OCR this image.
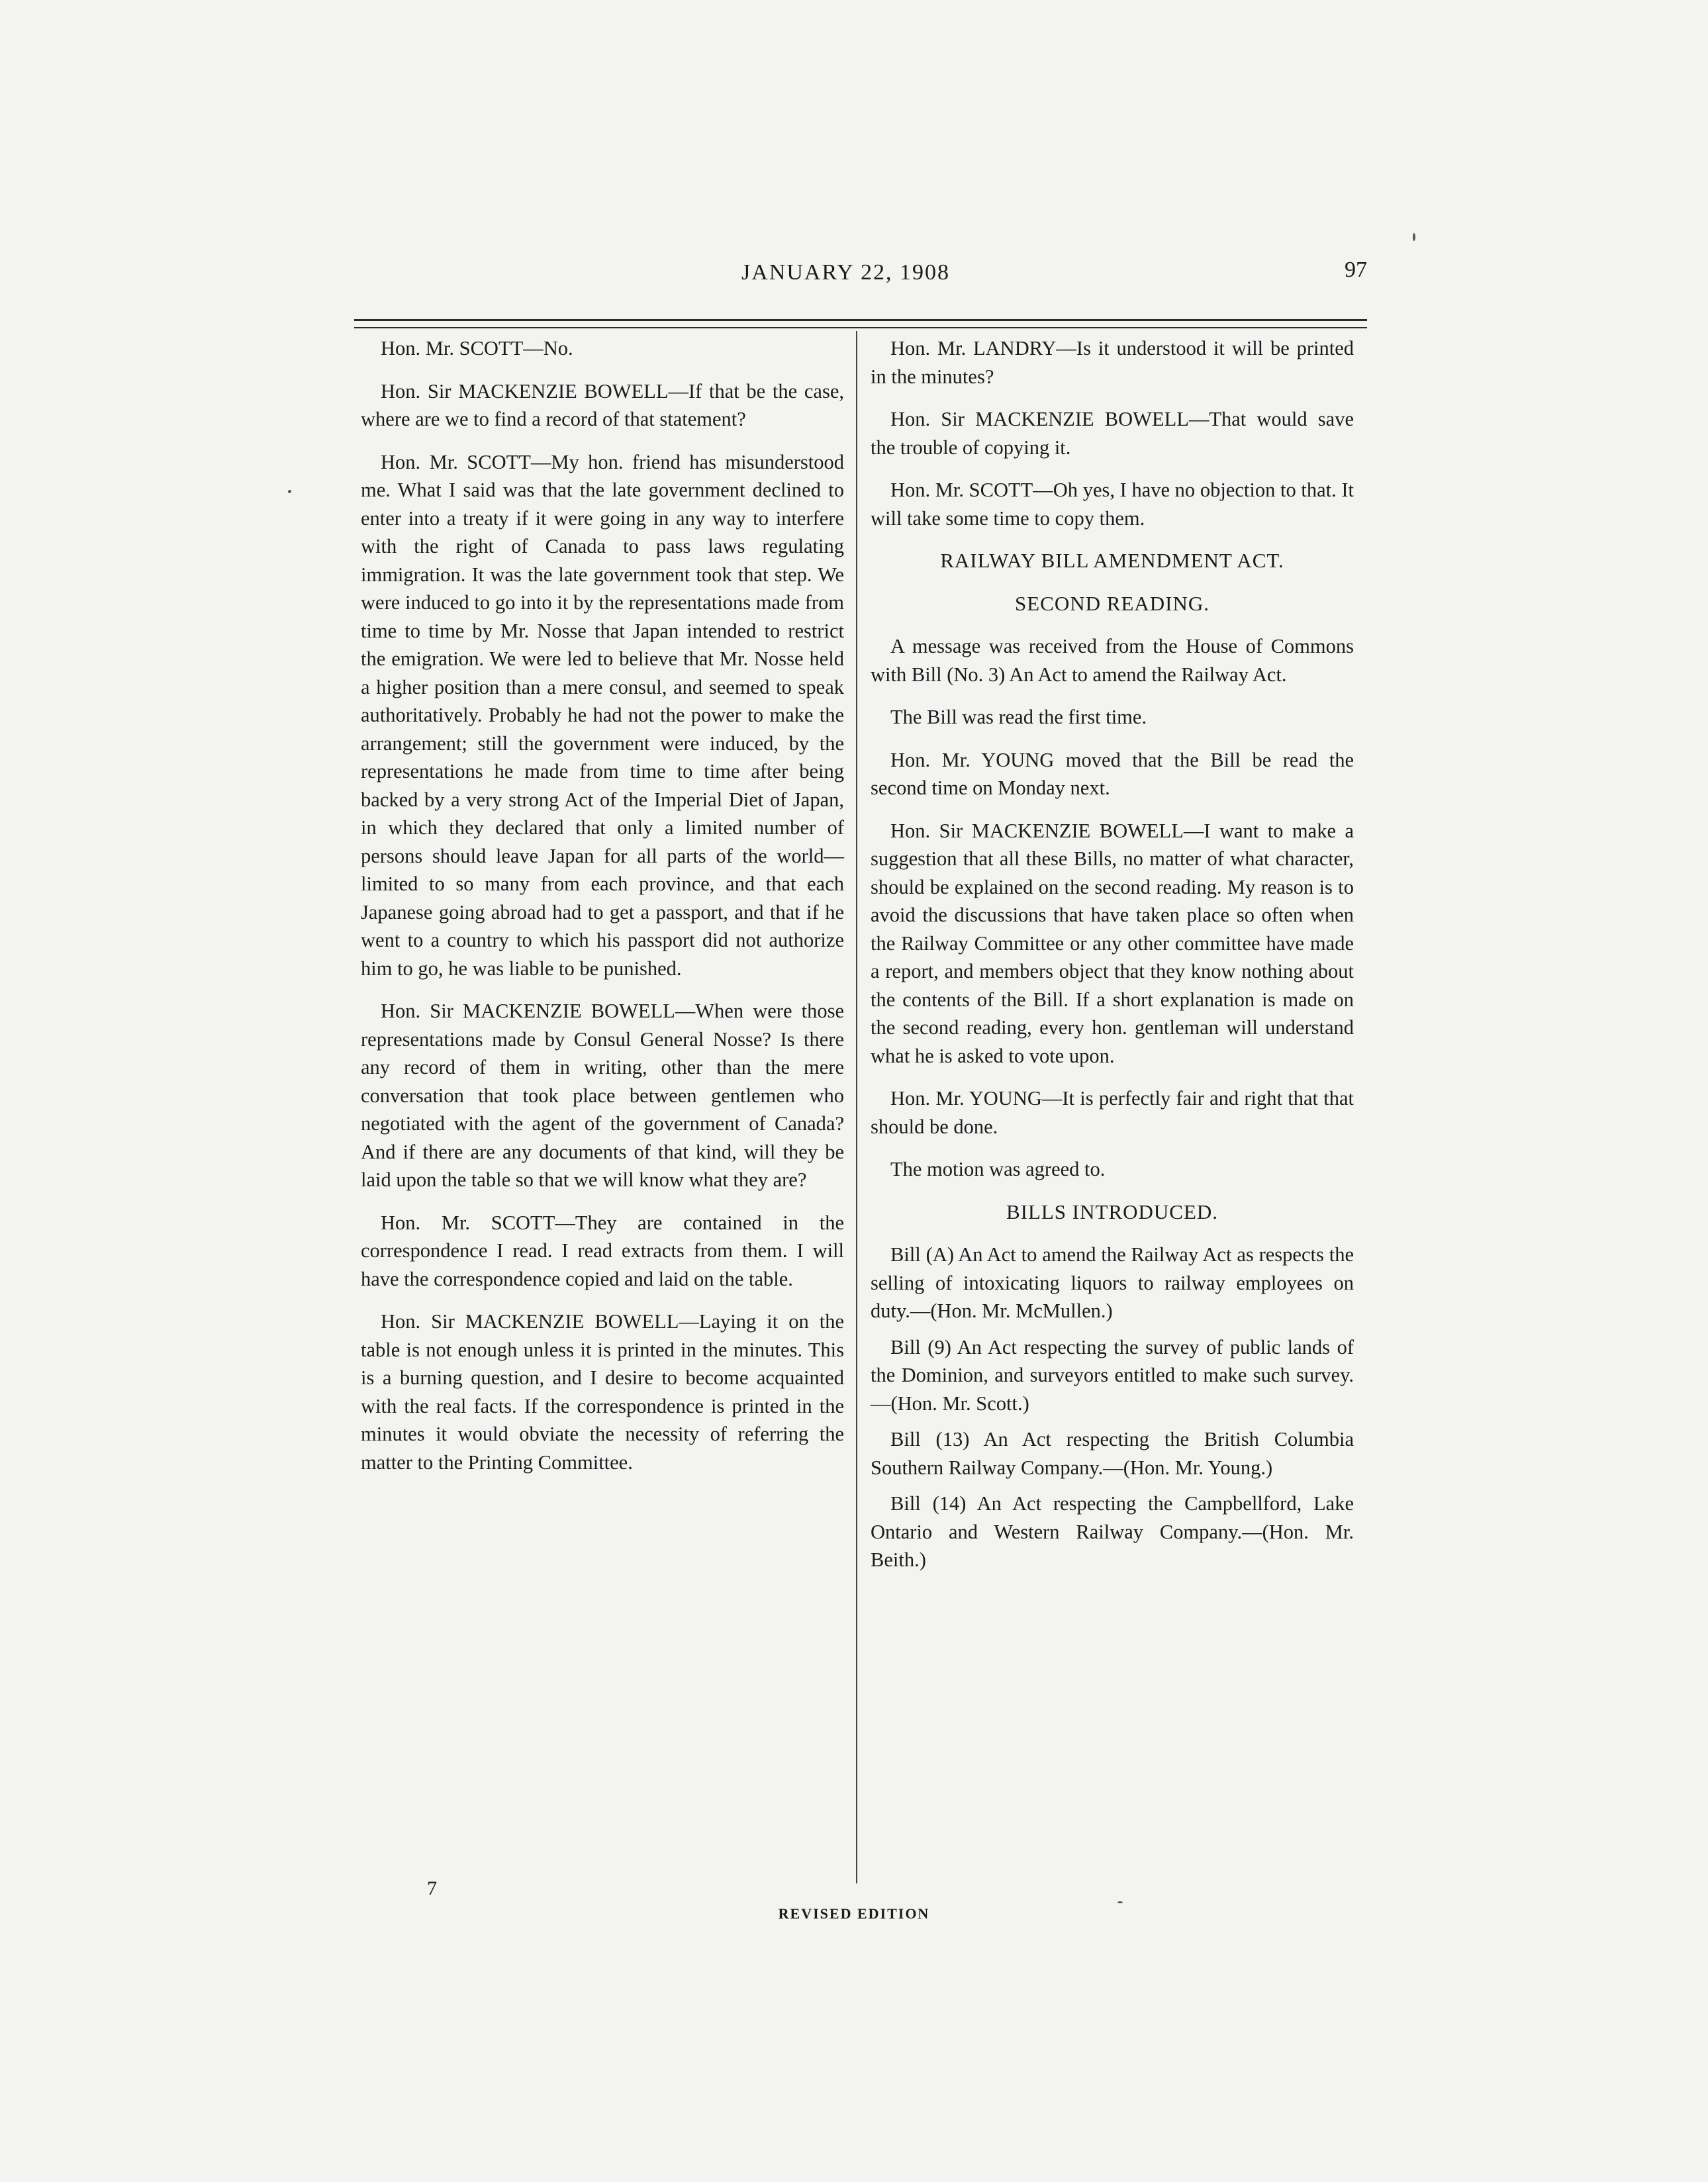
JANUARY 22, 1908	97

Hon. Mr. SCOTT—No.

Hon. Sir MACKENZIE BOWELL—If that be the case, where are we to find a record of that statement?

Hon. Mr. SCOTT—My hon. friend has misunderstood me. What I said was that the late government declined to enter into a treaty if it were going in any way to interfere with the right of Canada to pass laws regulating immigration. It was the late government took that step. We were induced to go into it by the representations made from time to time by Mr. Nosse that Japan intended to restrict the emigration. We were led to believe that Mr. Nosse held a higher position than a mere consul, and seemed to speak authoritatively. Probably he had not the power to make the arrangement; still the government were induced, by the representations he made from time to time after being backed by a very strong Act of the Imperial Diet of Japan, in which they declared that only a limited number of persons should leave Japan for all parts of the world—limited to so many from each province, and that each Japanese going abroad had to get a passport, and that if he went to a country to which his passport did not authorize him to go, he was liable to be punished.

Hon. Sir MACKENZIE BOWELL—When were those representations made by Consul General Nosse? Is there any record of them in writing, other than the mere conversation that took place between gentlemen who negotiated with the agent of the government of Canada? And if there are any documents of that kind, will they be laid upon the table so that we will know what they are?

Hon. Mr. SCOTT—They are contained in the correspondence I read. I read extracts from them. I will have the correspondence copied and laid on the table.

Hon. Sir MACKENZIE BOWELL—Laying it on the table is not enough unless it is printed in the minutes. This is a burning question, and I desire to become acquainted with the real facts. If the correspondence is printed in the minutes it would obviate the necessity of referring the matter to the Printing Committee.

Hon. Mr. LANDRY—Is it understood it will be printed in the minutes?

Hon. Sir MACKENZIE BOWELL—That would save the trouble of copying it.

Hon. Mr. SCOTT—Oh yes, I have no objection to that. It will take some time to copy them.

RAILWAY BILL AMENDMENT ACT.

SECOND READING.

A message was received from the House of Commons with Bill (No. 3) An Act to amend the Railway Act.

The Bill was read the first time.

Hon. Mr. YOUNG moved that the Bill be read the second time on Monday next.

Hon. Sir MACKENZIE BOWELL—I want to make a suggestion that all these Bills, no matter of what character, should be explained on the second reading. My reason is to avoid the discussions that have taken place so often when the Railway Committee or any other committee have made a report, and members object that they know nothing about the contents of the Bill. If a short explanation is made on the second reading, every hon. gentleman will understand what he is asked to vote upon.

Hon. Mr. YOUNG—It is perfectly fair and right that that should be done.

The motion was agreed to.

BILLS INTRODUCED.

Bill (A) An Act to amend the Railway Act as respects the selling of intoxicating liquors to railway employees on duty.—(Hon. Mr. McMullen.)

Bill (9) An Act respecting the survey of public lands of the Dominion, and surveyors entitled to make such survey.—(Hon. Mr. Scott.)

Bill (13) An Act respecting the British Columbia Southern Railway Company.—(Hon. Mr. Young.)

Bill (14) An Act respecting the Campbellford, Lake Ontario and Western Railway Company.—(Hon. Mr. Beith.)

7
REVISED EDITION
